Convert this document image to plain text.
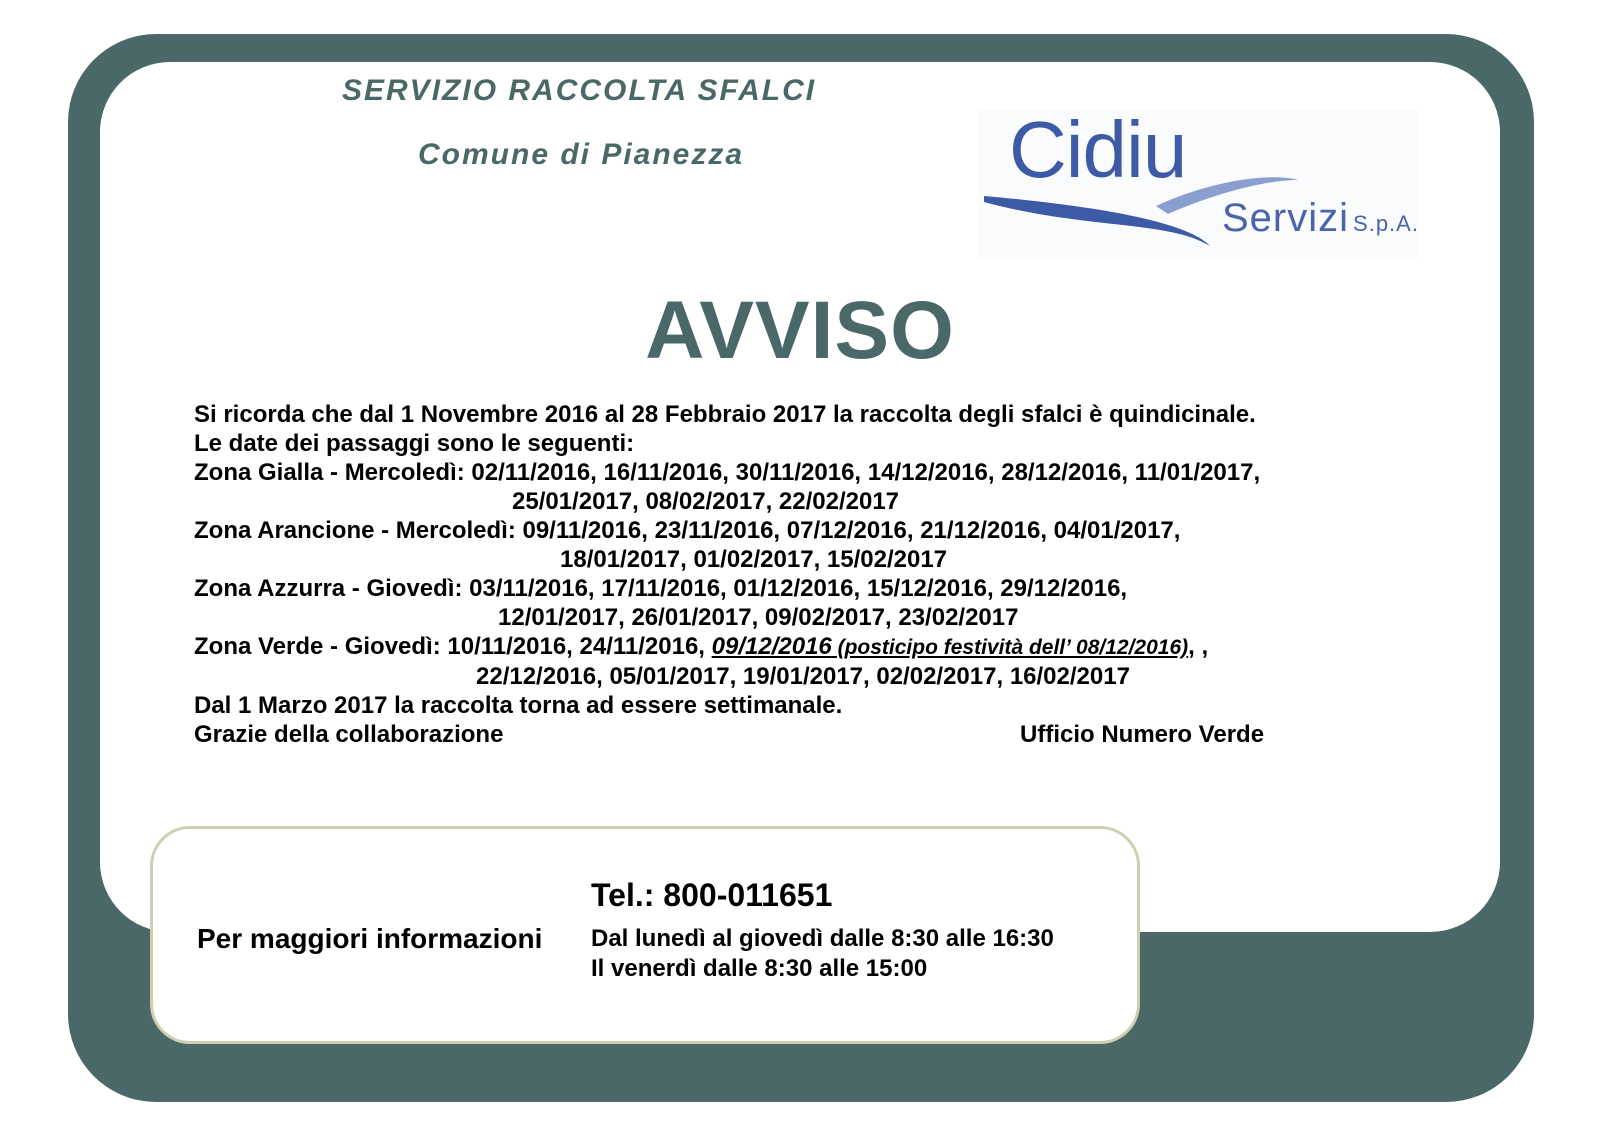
SERVIZIO RACCOLTA SFALCI
Comune di Pianezza	Cidiu
Servizi S.p.A.
AVVISO
Si ricorda che dal 1 Novembre 2016 al 28 Febbraio 2017 la raccolta degli sfalci è quindicinale.
Le date dei passaggi sono le seguenti:
Zona Gialla - Mercoledì: 02/11/2016, 16/11/2016, 30/11/2016, 14/12/2016, 28/12/2016, 11/01/2017,
25/01/2017, 08/02/2017, 22/02/2017
Zona Arancione - Mercoledì: 09/11/2016, 23/11/2016, 07/12/2016, 21/12/2016, 04/01/2017,
18/01/2017, 01/02/2017, 15/02/2017
Zona Azzurra - Giovedì: 03/11/2016, 17/11/2016, 01/12/2016, 15/12/2016, 29/12/2016,
12/01/2017, 26/01/2017, 09/02/2017, 23/02/2017
Zona Verde - Giovedì: 10/11/2016, 24/11/2016, 09/12/2016 (posticipo festività dell’ 08/12/2016), ,
22/12/2016, 05/01/2017, 19/01/2017, 02/02/2017, 16/02/2017
Dal 1 Marzo 2017 la raccolta torna ad essere settimanale.
Grazie della collaborazione	Ufficio Numero Verde
Per maggiori informazioni
Tel.: 800-011651
Dal lunedì al giovedì dalle 8:30 alle 16:30
Il venerdì dalle 8:30 alle 15:00
